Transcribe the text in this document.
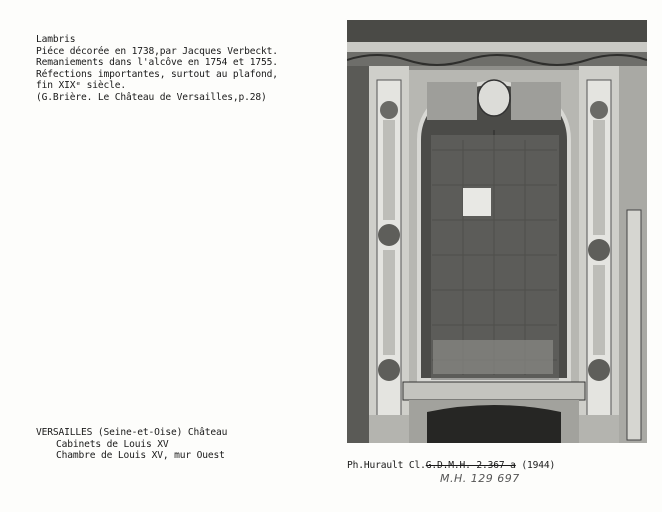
Lambris
Piéce décorée en 1738,par Jacques Verbeckt.
Remaniements dans l'alcôve en 1754 et 1755.
Réfections importantes, surtout au plafond,
fin XIXᵉ siècle.
(G.Brière. Le Château de Versailles,p.28)
VERSAILLES (Seine-et-Oise) Château
Cabinets de Louis XV
Chambre de Louis XV, mur Ouest
Ph.Hurault Cl.G.D.M.H. 2.367 a (1944)
M.H. 129 697
